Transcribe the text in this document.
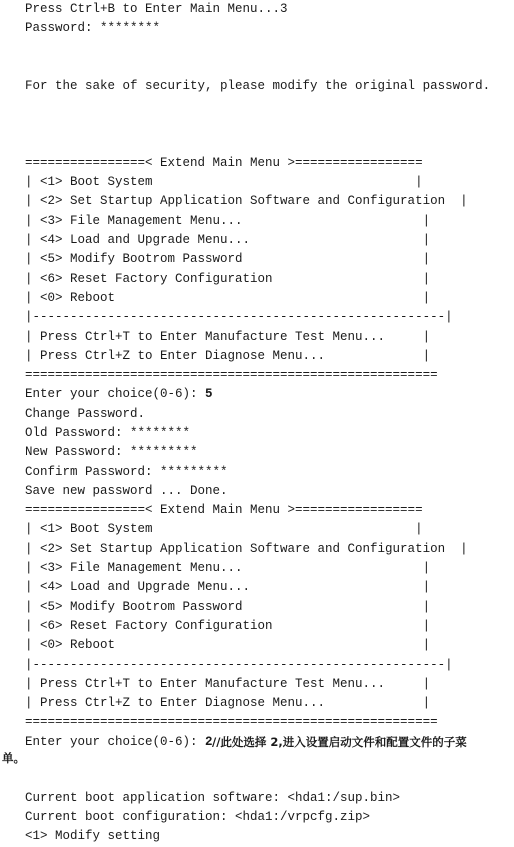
Press Ctrl+B to Enter Main Menu...3
Password: ********
For the sake of security, please modify the original password.
================< Extend Main Menu >=================
| <1> Boot System                                   |
| <2> Set Startup Application Software and Configuration  |
| <3> File Management Menu...                        |
| <4> Load and Upgrade Menu...                       |
| <5> Modify Bootrom Password                        |
| <6> Reset Factory Configuration                    |
| <0> Reboot                                         |
|-------------------------------------------------------|
| Press Ctrl+T to Enter Manufacture Test Menu...     |
| Press Ctrl+Z to Enter Diagnose Menu...             |
=======================================================
Enter your choice(0-6): 5
Change Password.
Old Password: ********
New Password: *********
Confirm Password: *********
Save new password ... Done.
================< Extend Main Menu >=================
| <1> Boot System                                   |
| <2> Set Startup Application Software and Configuration  |
| <3> File Management Menu...                        |
| <4> Load and Upgrade Menu...                       |
| <5> Modify Bootrom Password                        |
| <6> Reset Factory Configuration                    |
| <0> Reboot                                         |
|-------------------------------------------------------|
| Press Ctrl+T to Enter Manufacture Test Menu...     |
| Press Ctrl+Z to Enter Diagnose Menu...             |
=======================================================
Enter your choice(0-6): 2 //此处选择 2,进入设置启动文件和配置文件的子菜
单。
Current boot application software: <hda1:/sup.bin>
Current boot configuration: <hda1:/vrpcfg.zip>
<1> Modify setting
